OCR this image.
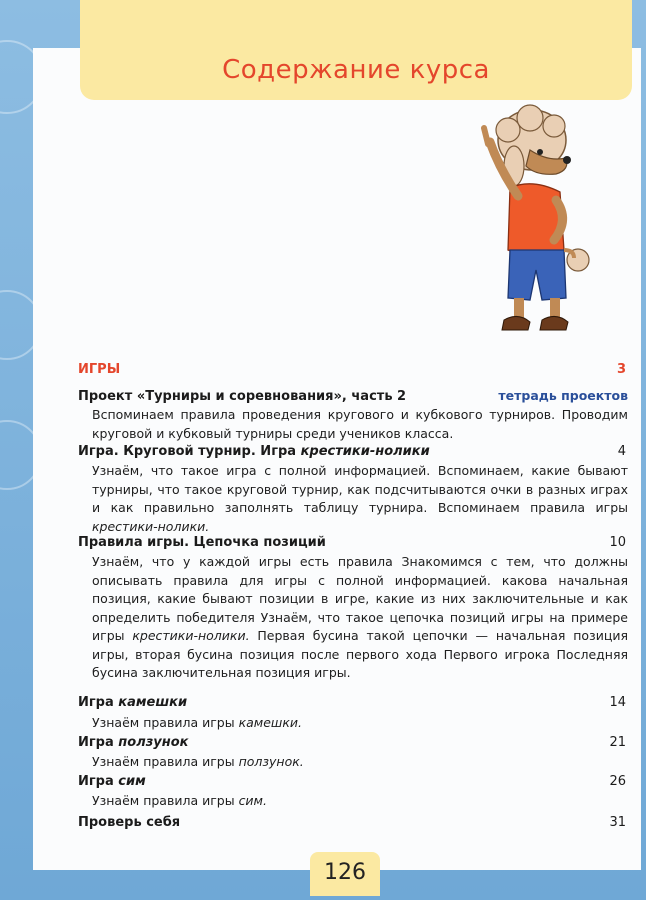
Содержание курса
ИГРЫ	3
Проект «Турниры и соревнования», часть 2	тетрадь проектов
Вспоминаем правила проведения кругового и кубкового турниров. Проводим круговой и кубковый турниры среди учеников класса.
Игра. Круговой турнир. Игра крестики-нолики	4
Узнаём, что такое игра с полной информацией. Вспоминаем, какие бывают турниры, что такое круговой турнир, как подсчитываются очки в разных играх и как правильно заполнять таблицу турнира. Вспоминаем правила игры крестики-нолики.
Правила игры. Цепочка позиций	10
Узнаём, что у каждой игры есть правила Знакомимся с тем, что должны описывать правила для игры с полной информацией. какова начальная позиция, какие бывают позиции в игре, какие из них заключительные и как определить победителя Узнаём, что такое цепочка позиций игры на примере игры крестики-нолики. Первая бусина такой цепочки — начальная позиция игры, вторая бусина позиция после первого хода Первого игрока Последняя бусина заключительная позиция игры.
Игра камешки	14
Узнаём правила игры камешки.
Игра ползунок	21
Узнаём правила игры ползунок.
Игра сим	26
Узнаём правила игры сим.
Проверь себя	31
126
